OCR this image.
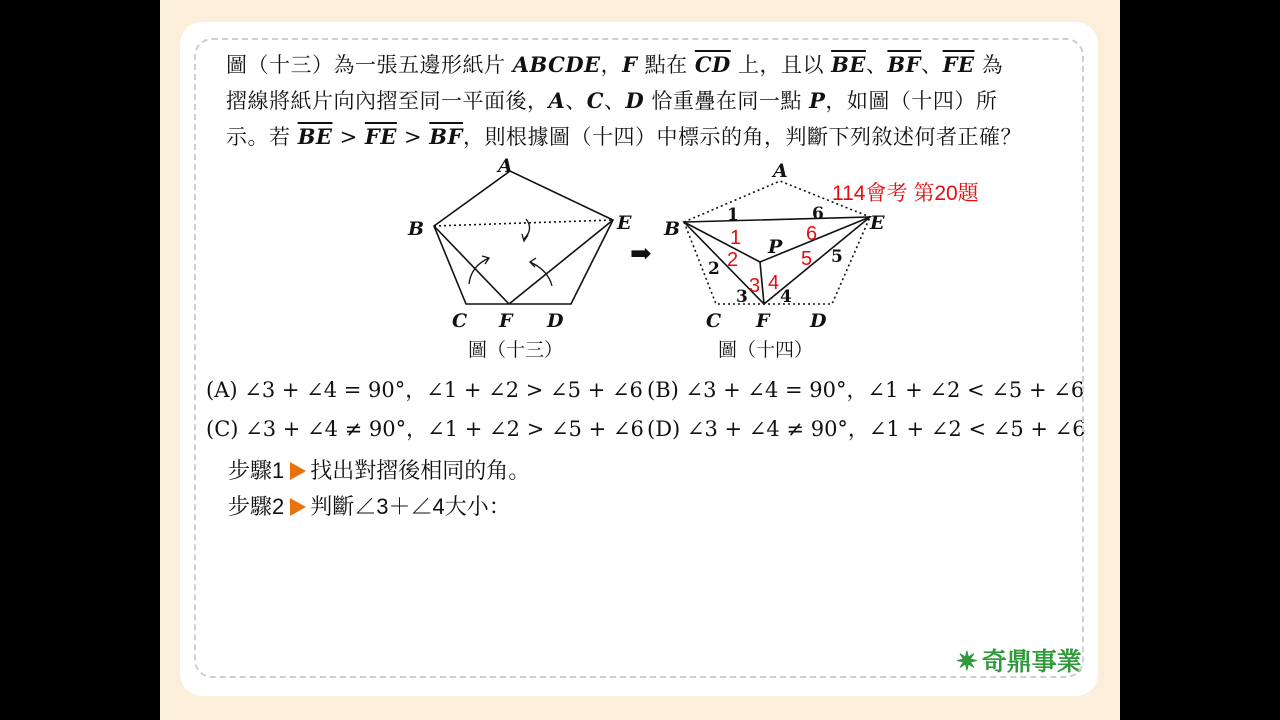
圖（十三）為一張五邊形紙片 ABCDE，F 點在 $\overline{CD}$ 上，且以 $\overline{BE}$、$\overline{BF}$、$\overline{FE}$ 為
摺線將紙片向內摺至同一平面後，A、C、D 恰重疊在同一點 P，如圖（十四）所
示。若 $\overline{BE} > \overline{FE} > \overline{BF}$，則根據圖（十四）中標示的角，判斷下列敘述何者正確？
114會考 第20題
A
B	E
C F D
圖（十三）
➡
A
B	E
P
C F D
1	6
2
5
3 4
1	6
2	5
3 4
圖（十四）
(A) ∠3 + ∠4 = 90°，∠1 + ∠2 > ∠5 + ∠6 (B) ∠3 + ∠4 = 90°，∠1 + ∠2 < ∠5 + ∠6
(C) ∠3 + ∠4 ≠ 90°，∠1 + ∠2 > ∠5 + ∠6 (D) ∠3 + ∠4 ≠ 90°，∠1 + ∠2 < ∠5 + ∠6
步驟1 找出對摺後相同的角。
步驟2 判斷∠3＋∠4大小：
✷ 奇鼎事業
